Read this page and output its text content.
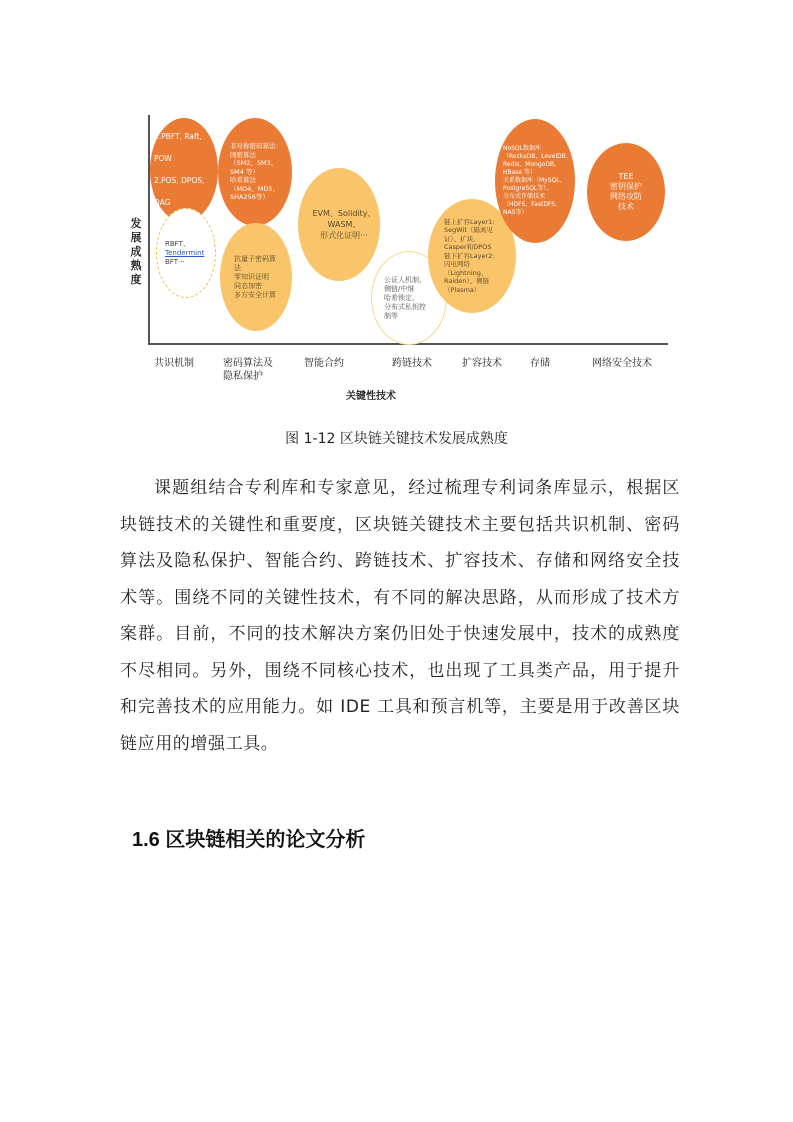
发展成熟度
1.PBFT, Raft, POW
2.POS, DPOS, DAG
RBFT、
Tendermint
BFT···
非对称密码算法：
国密算法
（SM2、SM3、
SM4 等）
哈希算法
（MD4、MD5、
SHA256等）
抗量子密码算
法
零知识证明
同态加密
多方安全计算
EVM、Solidity、
WASM、
形式化证明···
公证人机制、
侧链/中继
哈希锁定、
分布式私钥控
制等
链上扩容Layer1:
SegWit（隔离见
证）、扩块、
Casper和DPOS
链下扩容Layer2:
闪电网络
（Lightning、
Raiden）、侧链
（Plasma）
NoSQL数据库
（RocksDB、LevelDB、
Redis、MongoDB、
HBase 等）
关系数据库（MySQL、
PostgreSQL等）、
分布式存储技术
（HDFS、FastDFS、
NAS等）
TEE
密钥保护
网络攻防
技术
共识机制	密码算法及隐私保护
智能合约	跨链技术	扩容技术	存储	网络安全技术
关键性技术
图 1-12 区块链关键技术发展成熟度
课题组结合专利库和专家意见，经过梳理专利词条库显示，根据区块链技术的关键性和重要度，区块链关键技术主要包括共识机制、密码算法及隐私保护、智能合约、跨链技术、扩容技术、存储和网络安全技术等。围绕不同的关键性技术，有不同的解决思路，从而形成了技术方案群。目前，不同的技术解决方案仍旧处于快速发展中，技术的成熟度不尽相同。另外，围绕不同核心技术，也出现了工具类产品，用于提升和完善技术的应用能力。如 IDE 工具和预言机等，主要是用于改善区块链应用的增强工具。
1.6 区块链相关的论文分析
